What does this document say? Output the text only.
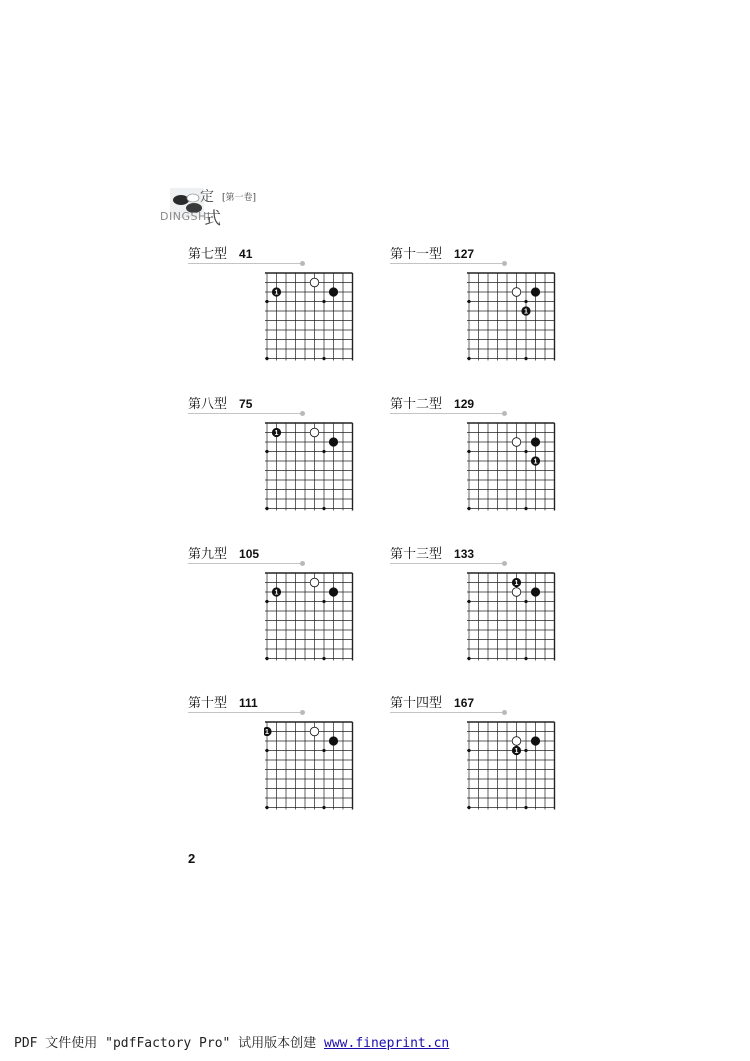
DINGSHI
定
式
[第一卷]
第七型 41
1
第十一型 127
1
第八型 75
1
第十二型 129
1
第九型 105
1
第十三型 133
1
第十型 111
1
第十四型 167
1
2
PDF 文件使用 "pdfFactory Pro" 试用版本创建 www.fineprint.cn
